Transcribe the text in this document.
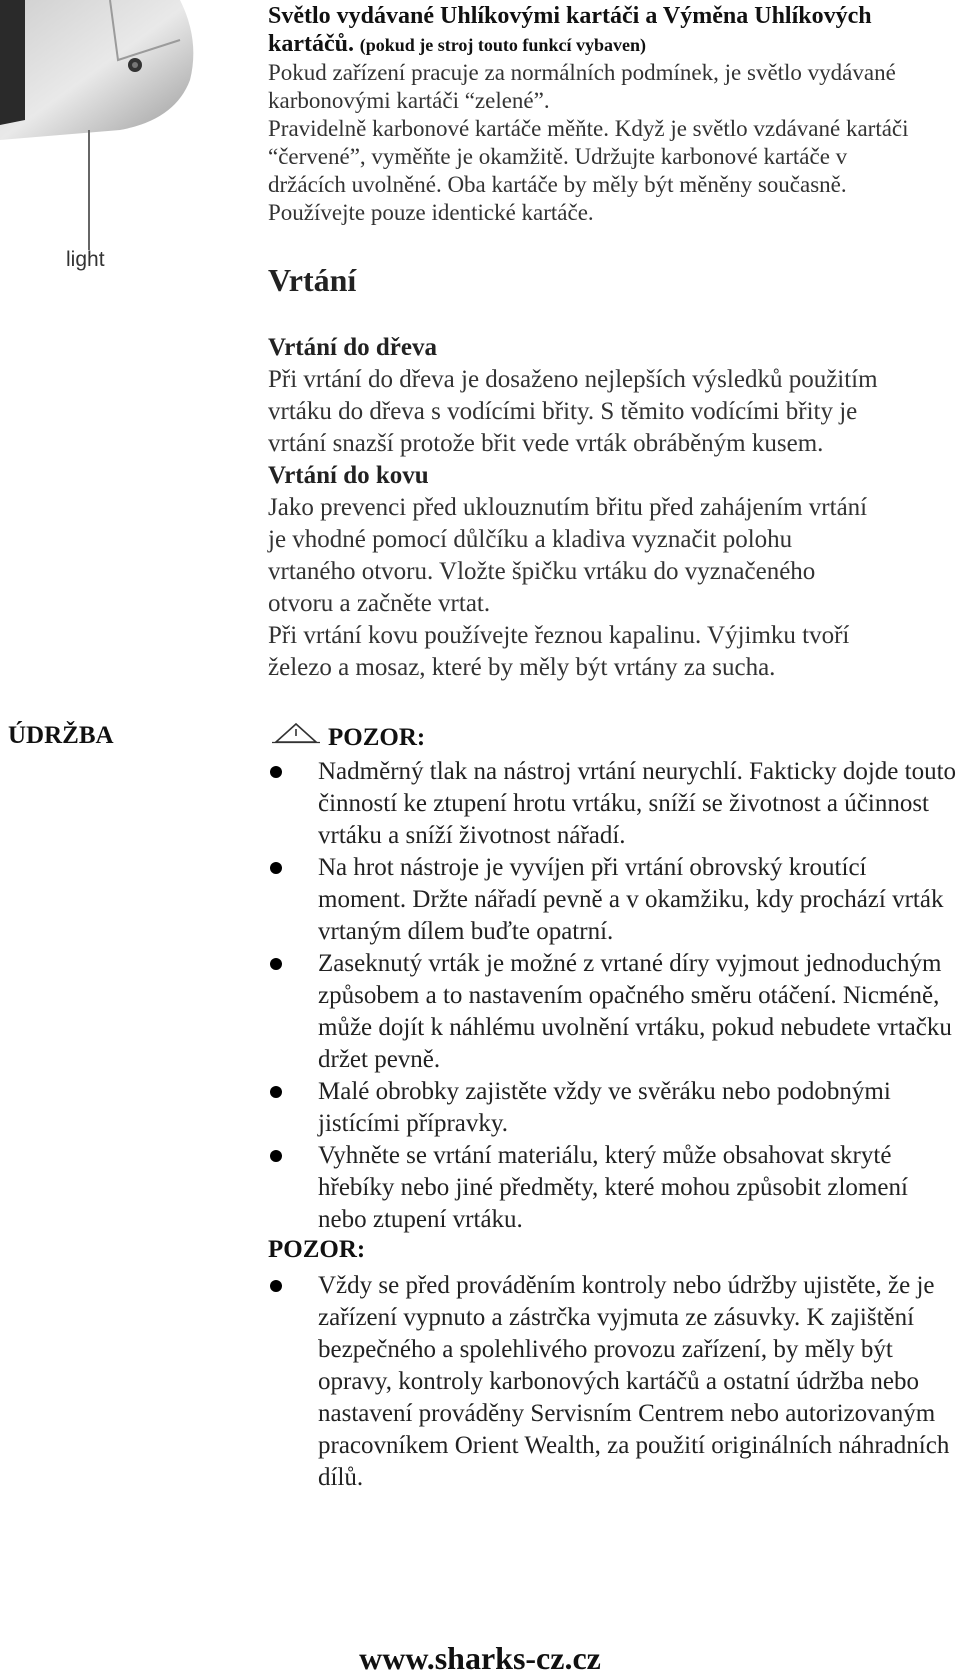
light
Světlo vydávané Uhlíkovými kartáči a Výměna Uhlíkových kartáčů. (pokud je stroj touto funkcí vybaven)

Pokud zařízení pracuje za normálních podmínek, je světlo vydávané

karbonovými kartáči “zelené”.

Pravidelně karbonové kartáče měňte. Když je světlo vzdávané kartáči

“červené”, vyměňte je okamžitě. Udržujte karbonové kartáče v

držácích uvolněné. Oba kartáče by měly být měněny současně.

Používejte pouze identické kartáče.

Vrtání

Vrtání do dřeva

Při vrtání do dřeva je dosaženo nejlepších výsledků použitím

vrtáku do dřeva s vodícími břity. S těmito vodícími břity je

vrtání snazší protože břit vede vrták obráběným kusem.

Vrtání do kovu

Jako prevenci před uklouznutím břitu před zahájením vrtání

je vhodné pomocí důlčíku a kladiva vyznačit polohu

vrtaného otvoru. Vložte špičku vrtáku do vyznačeného

otvoru a začněte vrtat.

Při vrtání kovu používejte řeznou kapalinu. Výjimku tvoří

železo a mosaz, které by měly být vrtány za sucha.

ÚDRŽBA	POZOR:
Nadměrný tlak na nástroj vrtání neurychlí. Fakticky dojde touto činností ke ztupení hrotu vrtáku, sníží se životnost a účinnost vrtáku a sníží životnost nářadí.
Na hrot nástroje je vyvíjen při vrtání obrovský kroutící moment. Držte nářadí pevně a v okamžiku, kdy prochází vrták vrtaným dílem buďte opatrní.
Zaseknutý vrták je možné z vrtané díry vyjmout jednoduchým způsobem a to nastavením opačného směru otáčení. Nicméně, může dojít k náhlému uvolnění vrtáku, pokud nebudete vrtačku držet pevně.
Malé obrobky zajistěte vždy ve svěráku nebo podobnými jistícími přípravky.
Vyhněte se vrtání materiálu, který může obsahovat skryté hřebíky nebo jiné předměty, které mohou způsobit zlomení nebo ztupení vrtáku.
POZOR:
Vždy se před prováděním kontroly nebo údržby ujistěte, že je zařízení vypnuto a zástrčka vyjmuta ze zásuvky. K zajištění bezpečného a spolehlivého provozu zařízení, by měly být opravy, kontroly karbonových kartáčů a ostatní údržba nebo nastavení prováděny Servisním Centrem nebo autorizovaným pracovníkem Orient Wealth, za použití originálních náhradních dílů.
www.sharks-cz.cz
